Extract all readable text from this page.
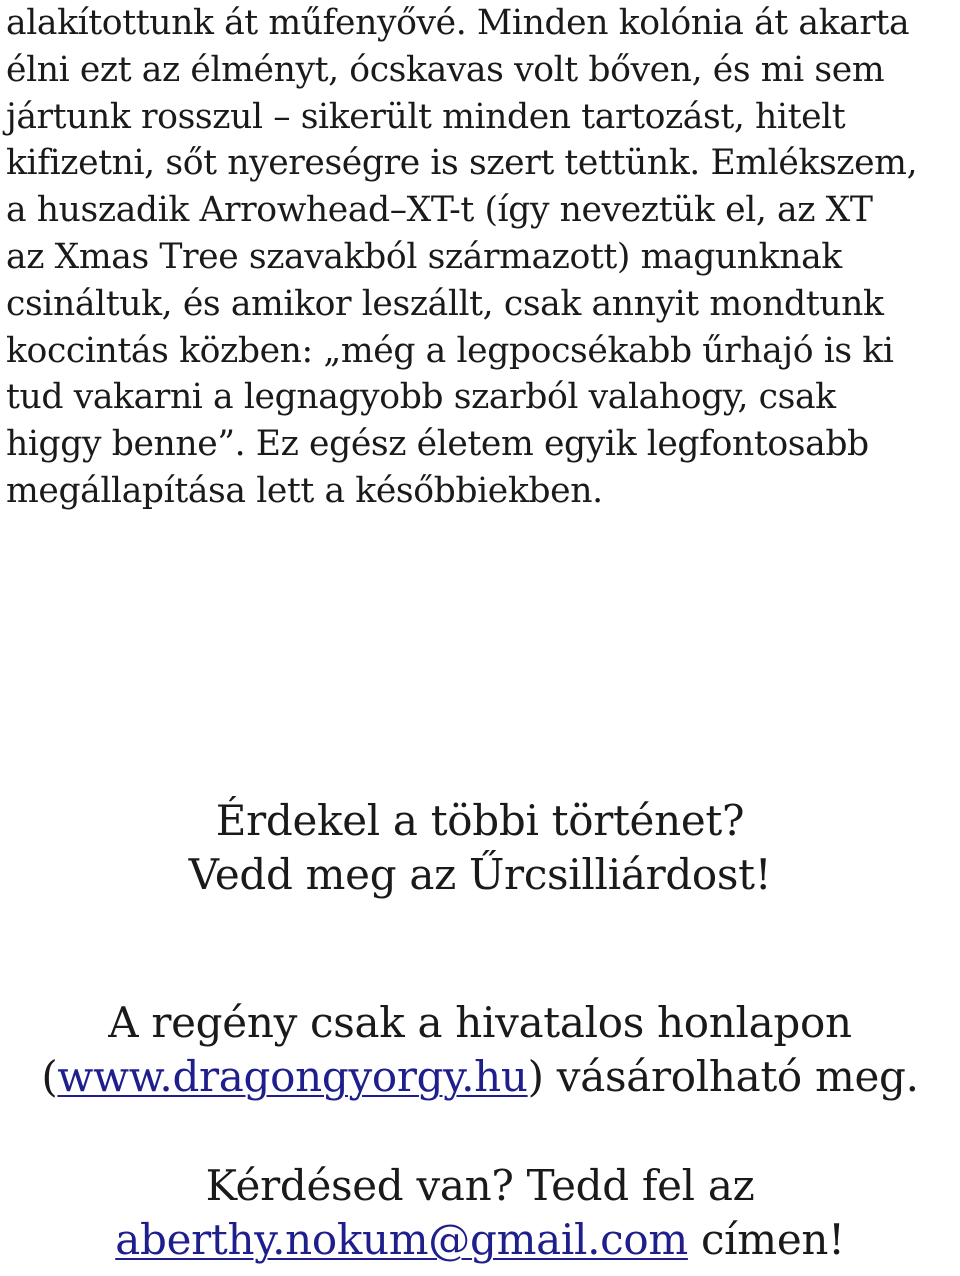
alakítottunk át műfenyővé. Minden kolónia át akarta
élni ezt az élményt, ócskavas volt bőven, és mi sem
jártunk rosszul – sikerült minden tartozást, hitelt
kifizetni, sőt nyereségre is szert tettünk. Emlékszem,
a huszadik Arrowhead–XT-t (így neveztük el, az XT
az Xmas Tree szavakból származott) magunknak
csináltuk, és amikor leszállt, csak annyit mondtunk
koccintás közben: „még a legpocsékabb űrhajó is ki
tud vakarni a legnagyobb szarból valahogy, csak
higgy benne”. Ez egész életem egyik legfontosabb
megállapítása lett a későbbiekben.
Érdekel a többi történet?
Vedd meg az Űrcsilliárdost!
A regény csak a hivatalos honlapon
(www.dragongyorgy.hu) vásárolható meg.
Kérdésed van? Tedd fel az
aberthy.nokum@gmail.com címen!
